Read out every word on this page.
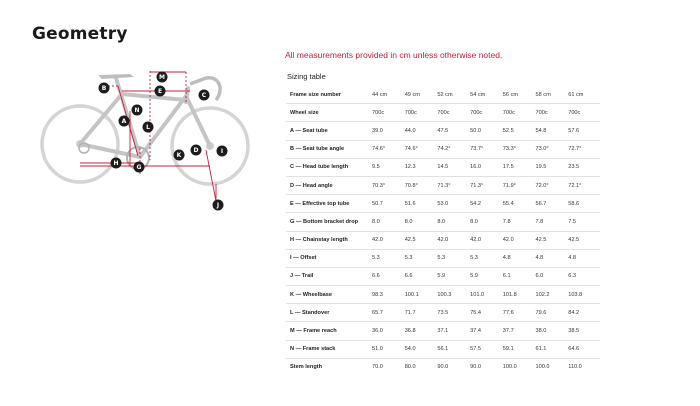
Geometry
All measurements provided in cm unless otherwise noted.
Sizing table
A
B
C
D
E
G
H
I
J
K
L
M
N
Frame size number	44 cm	49 cm	52 cm	54 cm	56 cm	58 cm	61 cm
Wheel size	700c	700c	700c	700c	700c	700c	700c
A — Seat tube	39.0	44.0	47.5	50.0	52.5	54.8	57.6
B — Seat tube angle	74.6°	74.6°	74.2°	73.7°	73.3°	73.0°	72.7°
C — Head tube length	9.5	12.3	14.5	16.0	17.5	19.5	23.5
D — Head angle	70.3°	70.8°	71.3°	71.3°	71.9°	72.0°	72.1°
E — Effective top tube	50.7	51.6	53.0	54.2	55.4	56.7	58.6
G — Bottom bracket drop	8.0	8.0	8.0	8.0	7.8	7.8	7.5
H — Chainstay length	42.0	42.5	42.0	42.0	42.0	42.5	42.5
I — Offset	5.3	5.3	5.3	5.3	4.8	4.8	4.8
J — Trail	6.6	6.6	5.9	5.9	6.1	6.0	6.3
K — Wheelbase	98.3	100.1	100.3	101.0	101.8	102.2	103.8
L — Standover	65.7	71.7	73.5	75.4	77.6	79.6	84.2
M — Frame reach	36.0	36.8	37.1	37.4	37.7	38.0	38.5
N — Frame stack	51.0	54.0	56.1	57.5	59.1	61.1	64.6
Stem length	70.0	80.0	90.0	90.0	100.0	100.0	110.0
